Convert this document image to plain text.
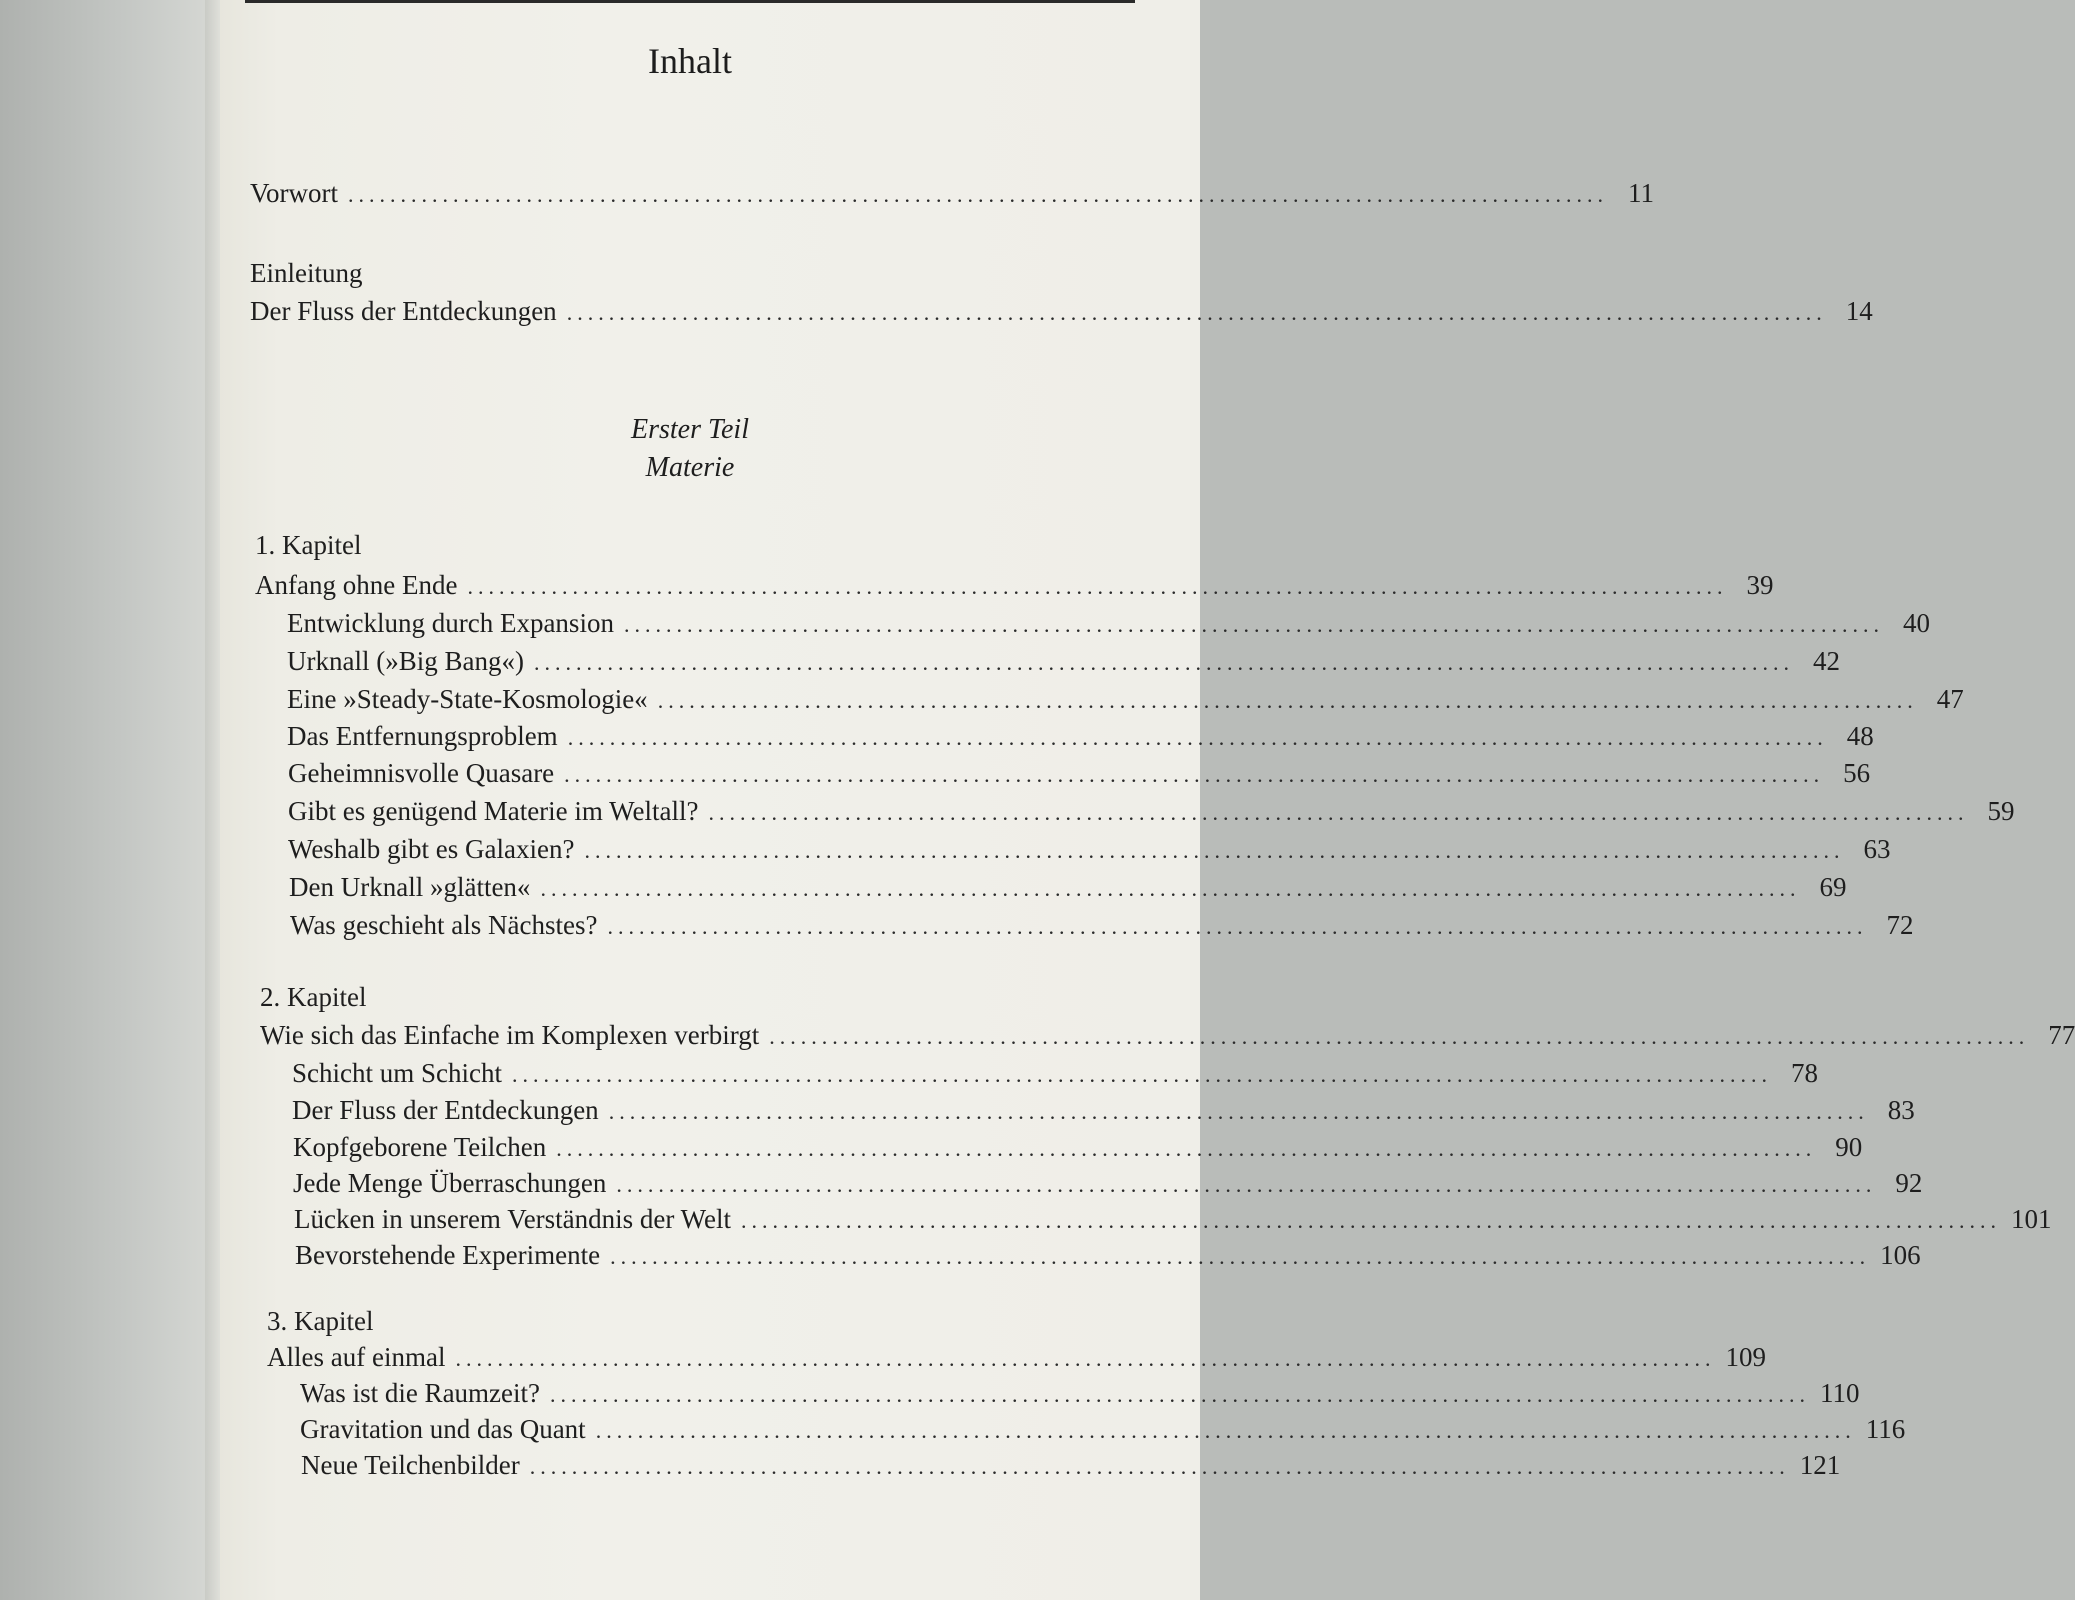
Inhalt
Vorwort ........................................................................................................................ 11
Einleitung
Der Fluss der Entdeckungen ........................................................................................................................ 14
Erster Teil
Materie
1. Kapitel
Anfang ohne Ende ........................................................................................................................ 39
Entwicklung durch Expansion ........................................................................................................................ 40
Urknall (»Big Bang«) ........................................................................................................................ 42
Eine »Steady-State-Kosmologie« ........................................................................................................................ 47
Das Entfernungsproblem ........................................................................................................................ 48
Geheimnisvolle Quasare ........................................................................................................................ 56
Gibt es genügend Materie im Weltall? ........................................................................................................................ 59
Weshalb gibt es Galaxien? ........................................................................................................................ 63
Den Urknall »glätten« ........................................................................................................................ 69
Was geschieht als Nächstes? ........................................................................................................................ 72
2. Kapitel
Wie sich das Einfache im Komplexen verbirgt ........................................................................................................................ 77
Schicht um Schicht ........................................................................................................................ 78
Der Fluss der Entdeckungen ........................................................................................................................ 83
Kopfgeborene Teilchen ........................................................................................................................ 90
Jede Menge Überraschungen ........................................................................................................................ 92
Lücken in unserem Verständnis der Welt ........................................................................................................................ 101
Bevorstehende Experimente ........................................................................................................................ 106
3. Kapitel
Alles auf einmal ........................................................................................................................ 109
Was ist die Raumzeit? ........................................................................................................................ 110
Gravitation und das Quant ........................................................................................................................ 116
Neue Teilchenbilder ........................................................................................................................ 121
